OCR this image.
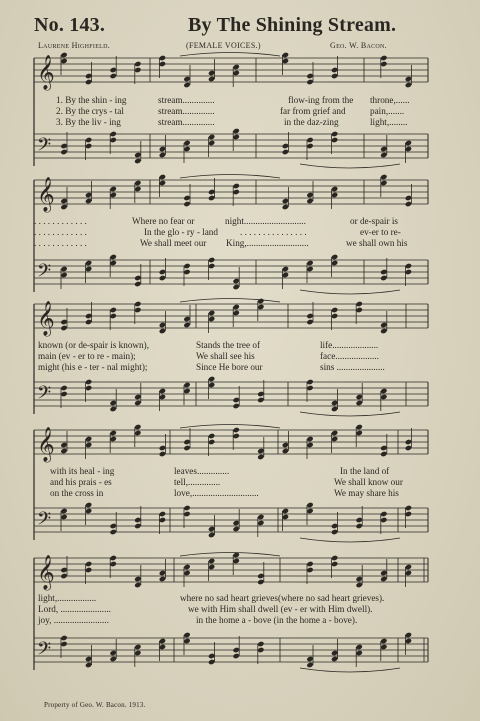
No. 143.	By The Shining Stream.
Laurene Highfield.	(FEMALE VOICES.)	Geo. W. Bacon.
𝄞
𝄢
1. By the shin - ing	stream..............	flow-ing from the throne,......
2. By the crys - tal	stream..............	far from grief and	pain,.......
3. By the liv - ing	stream..............	in the daz-zing	light,........
𝄞
𝄢
. . . . . . . . . . . .	Where no fear or	night...........................	or de-spair is
. . . . . . . . . . . .	In the glo - ry - land . . . . . . . . . . . . . . .	ev-er to re-
. . . . . . . . . . . .	We shall meet our King,...........................	we shall own his
𝄞
𝄢
known (or de-spair is known),	Stands the tree of	life....................
main (ev - er to re - main);	We shall see his	face...................
might (his e - ter - nal might);	Since He bore our	sins .....................
𝄞
𝄢
with its heal - ing	leaves..............	In the land of
and his prais - es	tell,..............	We shall know our
on the cross in	love,.............................	We may share his
𝄞
𝄢
light,.................	where no sad heart grieves(where no sad heart grieves).
Lord, ......................	we with Him shall dwell (ev - er with Him dwell).
joy, ........................	in the home a - bove (in the home a - bove).
Property of Geo. W. Bacon. 1913.
